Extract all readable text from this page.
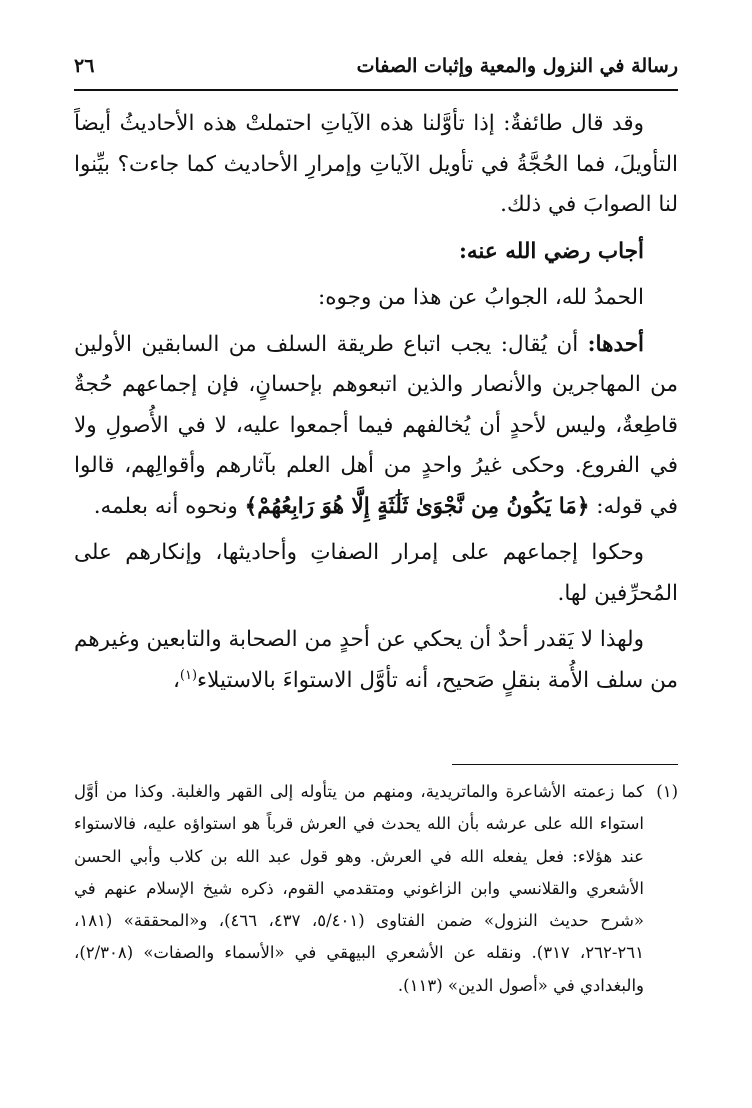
رسالة في النزول والمعية وإثبات الصفات
٢٦

وقد قال طائفةٌ: إذا تأوَّلنا هذه الآياتِ احتملتْ هذه الأحاديثُ أيضاً التأويلَ، فما الحُجَّةُ في تأويل الآياتِ وإمرارِ الأحاديث كما جاءت؟ بيِّنوا لنا الصوابَ في ذلك.

أجاب رضي الله عنه:

الحمدُ لله، الجوابُ عن هذا من وجوه:

أحدها: أن يُقال: يجب اتباع طريقة السلف من السابقين الأولين من المهاجرين والأنصار والذين اتبعوهم بإحسانٍ، فإن إجماعهم حُجةٌ قاطِعةٌ، وليس لأحدٍ أن يُخالفهم فيما أجمعوا عليه، لا في الأُصولِ ولا في الفروع. وحكى غيرُ واحدٍ من أهل العلم بآثارهم وأقوالِهم، قالوا في قوله: ﴿مَا يَكُونُ مِن نَّجْوَىٰ ثَلَٰثَةٍ إِلَّا هُوَ رَابِعُهُمْ﴾ ونحوه أنه بعلمه.

وحكوا إجماعهم على إمرار الصفاتِ وأحاديثها، وإنكارهم على المُحرِّفين لها.

ولهذا لا يَقدر أحدٌ أن يحكي عن أحدٍ من الصحابة والتابعين وغيرهم من سلف الأُمة بنقلٍ صَحيح، أنه تأوَّل الاستواءَ بالاستيلاء$^{(١)}$،

(١)كما زعمته الأشاعرة والماتريدية، ومنهم من يتأوله إلى القهر والغلبة. وكذا من أوَّل استواء الله على عرشه بأن الله يحدث في العرش قرباً هو استواؤه عليه، فالاستواء عند هؤلاء: فعل يفعله الله في العرش. وهو قول عبد الله بن كلاب وأبي الحسن الأشعري والقلانسي وابن الزاغوني ومتقدمي القوم، ذكره شيخ الإسلام عنهم في «شرح حديث النزول» ضمن الفتاوى (٥/٤٠١، ٤٣٧، ٤٦٦)، و«المحققة» (١٨١، ٢٦١-٢٦٢، ٣١٧). ونقله عن الأشعري البيهقي في «الأسماء والصفات» (٢/٣٠٨)، والبغدادي في «أصول الدين» (١١٣).
